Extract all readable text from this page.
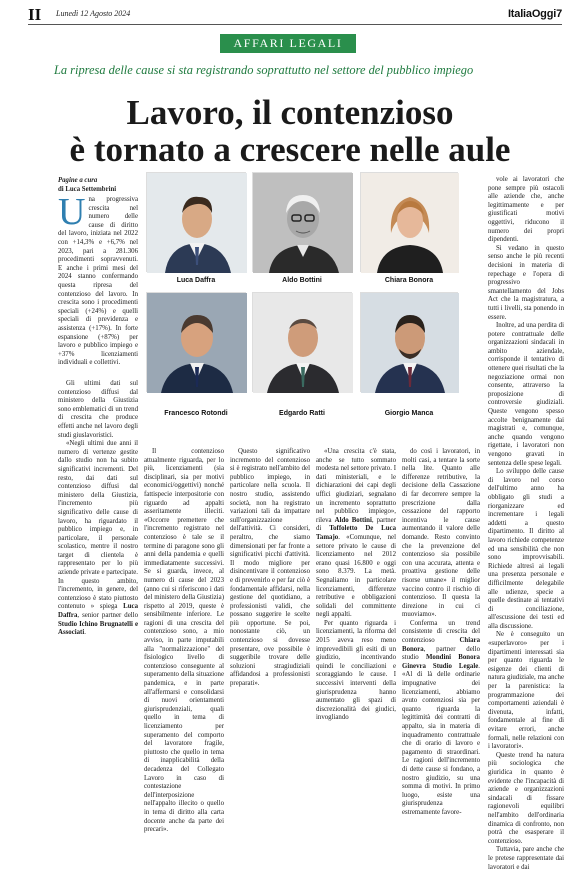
II Lunedì 12 Agosto 2024	ItaliaOggi7
AFFARI LEGALI
La ripresa delle cause si sta registrando soprattutto nel settore del pubblico impiego
Lavoro, il contenzioso
è tornato a crescere nelle aule
Pagine a cura
di Luca Settembrini
U na progressiva crescita nel numero delle cause di diritto del lavoro, iniziata nel 2022 con +14,3% e +6,7% nel 2023, pari a 281.306 procedimenti sopravvenuti. E anche i primi mesi del 2024 stanno confermando questa ripresa del contenzioso del lavoro. In crescita sono i procedimenti speciali (+24%) e quelli speciali di previdenza e assistenza (+17%). In forte espansione (+87%) per lavoro e pubblico impiego e +37% licenziamenti individuali e collettivi.

Gli ultimi dati sul contenzioso diffusi dal ministero della Giustizia sono emblematici di un trend di crescita che produce effetti anche nel lavoro degli studi giuslavoristici.

«Negli ultimi due anni il numero di vertenze gestite dallo studio non ha subito significativi incrementi. Del resto, dai dati sul contenzioso diffusi dal ministero della Giustizia, l'incremento più significativo delle cause di lavoro, ha riguardato il pubblico impiego e, in particolare, il personale scolastico, mentre il nostro target di clientela è rappresentato per lo più aziende private e partecipate. In questo ambito, l'incremento, in genere, del contenzioso è stato piuttosto contenuto » spiega Luca Daffra, senior partner dello Studio Ichino Brugnatelli e Associati.

Il contenzioso attualmente riguarda, per lo più, licenziamenti (sia disciplinari, sia per motivi economici/oggettivi) nonché fattispecie interpositorie con riguardo ad appalti asseritamente illeciti. «Occorre premettere che l'incremento registrato nel contenzioso è tale se il termine di paragone sono gli anni della pandemia e quelli immediatamente successivi. Se si guarda, invece, al numero di cause del 2023 (anno cui si riferiscono i dati del ministero della Giustizia) rispetto al 2019, queste è sensibilmente inferiore. Le ragioni di una crescita del contenzioso sono, a mio avviso, in parte imputabili alla "normalizzazione" del fisiologico livello di contenzioso conseguente al superamento della situazione pandemica, e in parte all'affermarsi e consolidarsi di nuovi orientamenti giurisprudenziali, quali quello in tema di licenziamento per superamento del comporto del lavoratore fragile, piuttosto che quello in tema di inapplicabilità della decadenza del Collegato Lavoro in caso di contestazione dell'interposizione nell'appalto illecito o quello in tema di diritto alla carta docente anche da parte dei precari».

Questo significativo incremento del contenzioso si è registrato nell'ambito del pubblico impiego, in particolare nella scuola. Il nostro studio, assistendo società, non ha registrato variazioni tali da impattare sull'organizzazione dell'attività. Ci consideri, peraltro, che siamo dimensionati per far fronte a significativi picchi d'attività. Il modo migliore per disincentivare il contenzioso e di prevenirlo e per far ciò è fondamentale affidarsi, nella gestione del quotidiano, a professionisti validi, che possano suggerire le scelte più opportune. Se poi, nonostante ciò, un contenzioso si dovesse presentare, ove possibile è suggeribile trovare delle soluzioni stragiudiziali affidandosi a professionisti preparati».

«Una crescita c'è stata, anche se tutto sommato modesta nel settore privato. I dati ministeriali, e le dichiarazioni dei capi degli uffici giudiziari, segnalano un incremento soprattutto nel pubblico impiego», rileva Aldo Bottini, partner di Toffoletto De Luca Tamajo. «Comunque, nel settore privato le cause di licenziamento nel 2012 erano quasi 16.800 e oggi sono 8.379. La metà. Segnaliamo in particolare licenziamenti, differenze retributive e obbligazioni solidali del committente negli appalti.

Per quanto riguarda i licenziamenti, la riforma del 2015 aveva reso meno imprevedibili gli esiti di un giudizio, incentivando quindi le conciliazioni e scoraggiando le cause. I successivi interventi della giurisprudenza hanno aumentato gli spazi di discrezionalità dei giudici, invogliando

do così i lavoratori, in molti casi, a tentare la sorte nella lite. Quanto alle differenze retributive, la decisione della Cassazione di far decorrere sempre la prescrizione dalla cessazione del rapporto incentiva le cause aumentando il valore delle domande. Resto convinto che la prevenzione del contenzioso sia possibile con una accurata, attenta e proattiva gestione delle risorse umane» il miglior vaccino contro il rischio di contenzioso. Il questa la direzione in cui ci muoviamo».

Conferma un trend consistente di crescita del contenzioso	Chiara Bonora, partner dello studio Mondini Bonora Ginevra Studio Legale. «Al di là delle ordinarie impugnative dei licenziamenti, abbiamo avuto contenziosi sia per quanto riguarda la legittimità dei contratti di appalto, sia in materia di inquadramento contrattuale che di orario di lavoro e pagamento di straordinari. Le ragioni dell'incremento di dette cause si fondano, a nostro giudizio, su una somma di motivi. In primo luogo, esiste una giurisprudenza estremamente favore-

vole ai lavoratori che pone sempre più ostacoli alle aziende che, anche legittimamente e per giustificati motivi oggettivi, riducono il numero dei propri dipendenti.

Si vedano in questo senso anche le più recenti decisioni in materia di repechage e l'opera di progressivo smantellamento del Jobs Act che la magistratura, a tutti i livelli, sta ponendo in essere.

Inoltre, ad una perdita di potere contrattuale delle organizzazioni sindacali in ambito aziendale, corrisponde il tentativo di ottenere quei risultati che la negoziazione ormai non consente, attraverso la proposizione di controversie giudiziali. Queste vengono spesso accolte benignamente dai magistrati e, comunque, anche quando vengono rigettate, i lavoratori non vengono gravati in sentenza delle spese legali.

Lo sviluppo delle cause di lavoro nel corso dell'ultimo anno ha obbligato gli studi a riorganizzare ed incrementare i legali addetti a questo dipartimento. Il diritto al lavoro richiede competenze ed una sensibilità che non sono improvvisabili. Richiede altresì ai legali una presenza personale e difficilmente delegabile alle udienze, specie a quelle destinate ai tentativi di conciliazione, all'escussione dei testi ed alla discussione.

Ne è conseguito un «superlavoro» per i dipartimenti interessati sia per quanto riguarda le esigenze dei clienti di natura giudiziale, ma anche per la parenistica: la programmazione dei comportamenti aziendali è divenuta, infatti, fondamentale al fine di evitare errori, anche formali, nelle relazioni con i lavoratori».

Queste trend ha natura più sociologica che giuridica in quanto è evidente che l'incapacità di aziende e organizzazioni sindacali di fissare ragionevoli equilibri nell'ambito dell'ordinaria dinamica di confronto, non potrà che esasperare il contenzioso.

Tuttavia, pare anche che le pretese rappresentate dai lavoratori e dai

Luca Daffra	Aldo Bottini	Chiara Bonora
Francesco Rotondi	Edgardo Ratti	Giorgio Manca
